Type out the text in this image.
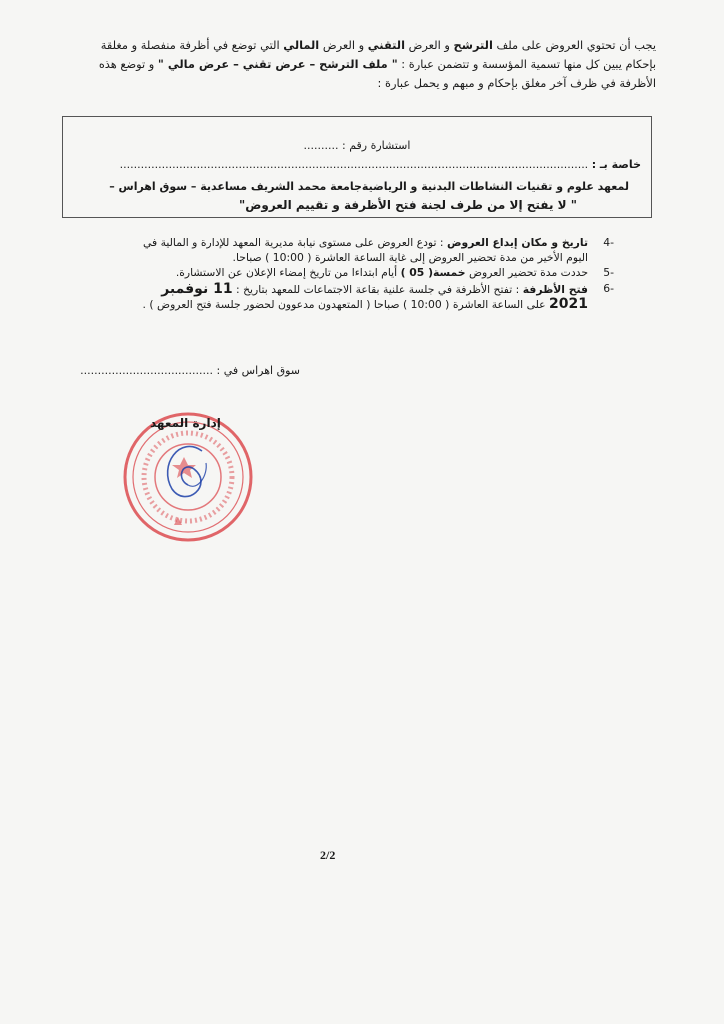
يجب أن تحتوي العروض على ملف الترشح و العرض التقني و العرض المالي التي توضع في أظرفة منفصلة و مغلقة بإحكام يبين كل منها تسمية المؤسسة و تتضمن عبارة : " ملف الترشح – عرض تقني – عرض مالي " و توضع هذه الأظرفة في ظرف آخر مغلق بإحكام و مبهم و يحمل عبارة :
استشارة رقم : ..........
خاصة بـ : ......................................................................................................................................
لمعهد علوم و تقنيات النشاطات البدنية و الرياضيةجامعة محمد الشريف مساعدية – سوق اهراس –
" لا يفتح إلا من طرف لجنة فتح الأظرفة و تقييم العروض"
-4
تاريخ و مكان إيداع العروض : تودع العروض على مستوى نيابة مديرية المعهد للإدارة و المالية في اليوم الأخير من مدة تحضير العروض إلى غاية الساعة العاشرة ( 10:00 ) صباحا.
-5
حددت مدة تحضير العروض خمسة( 05 ) أيام ابتداءا من تاريخ إمضاء الإعلان عن الاستشارة.
-6
فتح الأظرفة : تفتح الأظرفة في جلسة علنية بقاعة الاجتماعات للمعهد بتاريخ : 11 نوفمبر 2021 على الساعة العاشرة ( 10:00 ) صباحا ( المتعهدون مدعوون لحضور جلسة فتح العروض ) .
سوق اهراس في : ......................................
إدارة المعهد
2/2
